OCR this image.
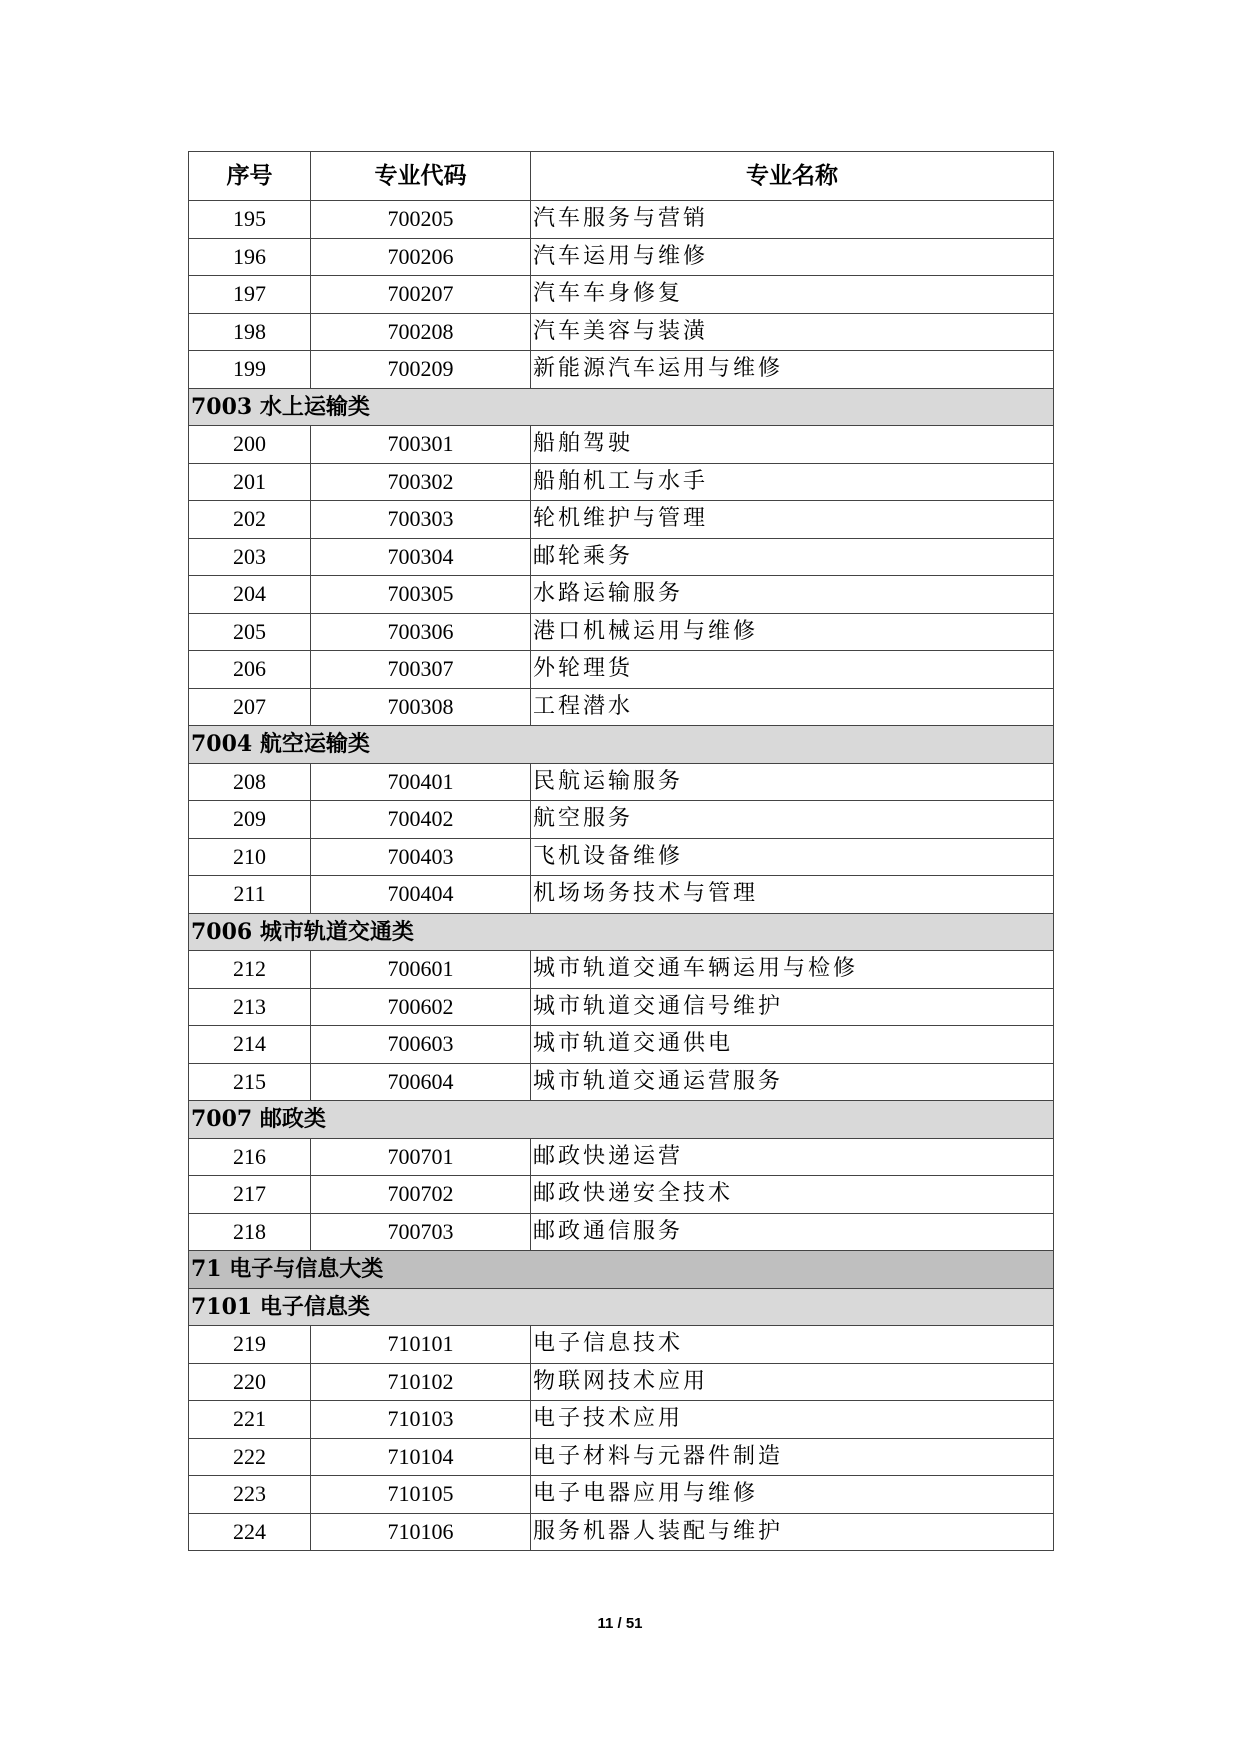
序号	专业代码	专业名称
195	700205	汽车服务与营销
196	700206	汽车运用与维修
197	700207	汽车车身修复
198	700208	汽车美容与装潢
199	700209	新能源汽车运用与维修
7003 水上运输类		
200	700301	船舶驾驶
201	700302	船舶机工与水手
202	700303	轮机维护与管理
203	700304	邮轮乘务
204	700305	水路运输服务
205	700306	港口机械运用与维修
206	700307	外轮理货
207	700308	工程潜水
7004 航空运输类		
208	700401	民航运输服务
209	700402	航空服务
210	700403	飞机设备维修
211	700404	机场场务技术与管理
7006 城市轨道交通类		
212	700601	城市轨道交通车辆运用与检修
213	700602	城市轨道交通信号维护
214	700603	城市轨道交通供电
215	700604	城市轨道交通运营服务
7007 邮政类		
216	700701	邮政快递运营
217	700702	邮政快递安全技术
218	700703	邮政通信服务
71 电子与信息大类		
7101 电子信息类		
219	710101	电子信息技术
220	710102	物联网技术应用
221	710103	电子技术应用
222	710104	电子材料与元器件制造
223	710105	电子电器应用与维修
224	710106	服务机器人装配与维护
11 / 51
